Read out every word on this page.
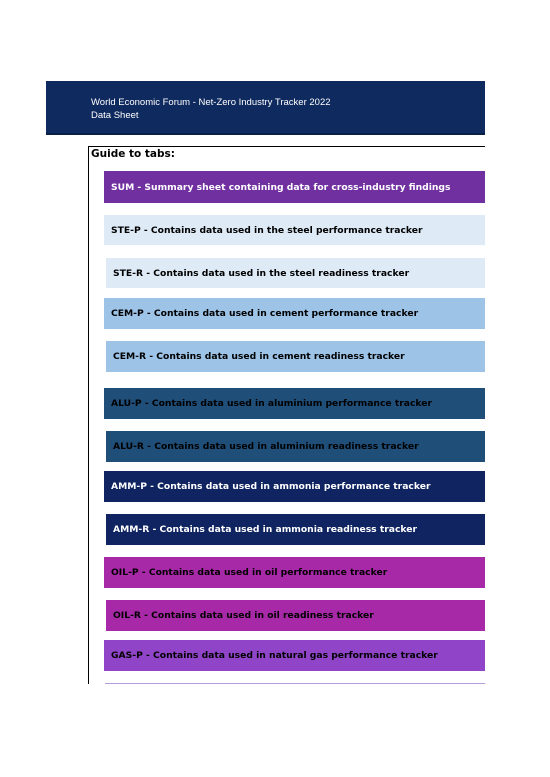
World Economic Forum - Net-Zero Industry Tracker 2022
Data Sheet
Guide to tabs:
SUM - Summary sheet containing data for cross-industry findings
STE-P - Contains data used in the steel performance tracker
STE-R - Contains data used in the steel readiness tracker
CEM-P - Contains data used in cement performance tracker
CEM-R - Contains data used in cement readiness tracker
ALU-P - Contains data used in aluminium performance tracker
ALU-R - Contains data used in aluminium readiness tracker
AMM-P - Contains data used in ammonia performance tracker
AMM-R - Contains data used in ammonia readiness tracker
OIL-P - Contains data used in oil performance tracker
OIL-R - Contains data used in oil readiness tracker
GAS-P - Contains data used in natural gas performance tracker
